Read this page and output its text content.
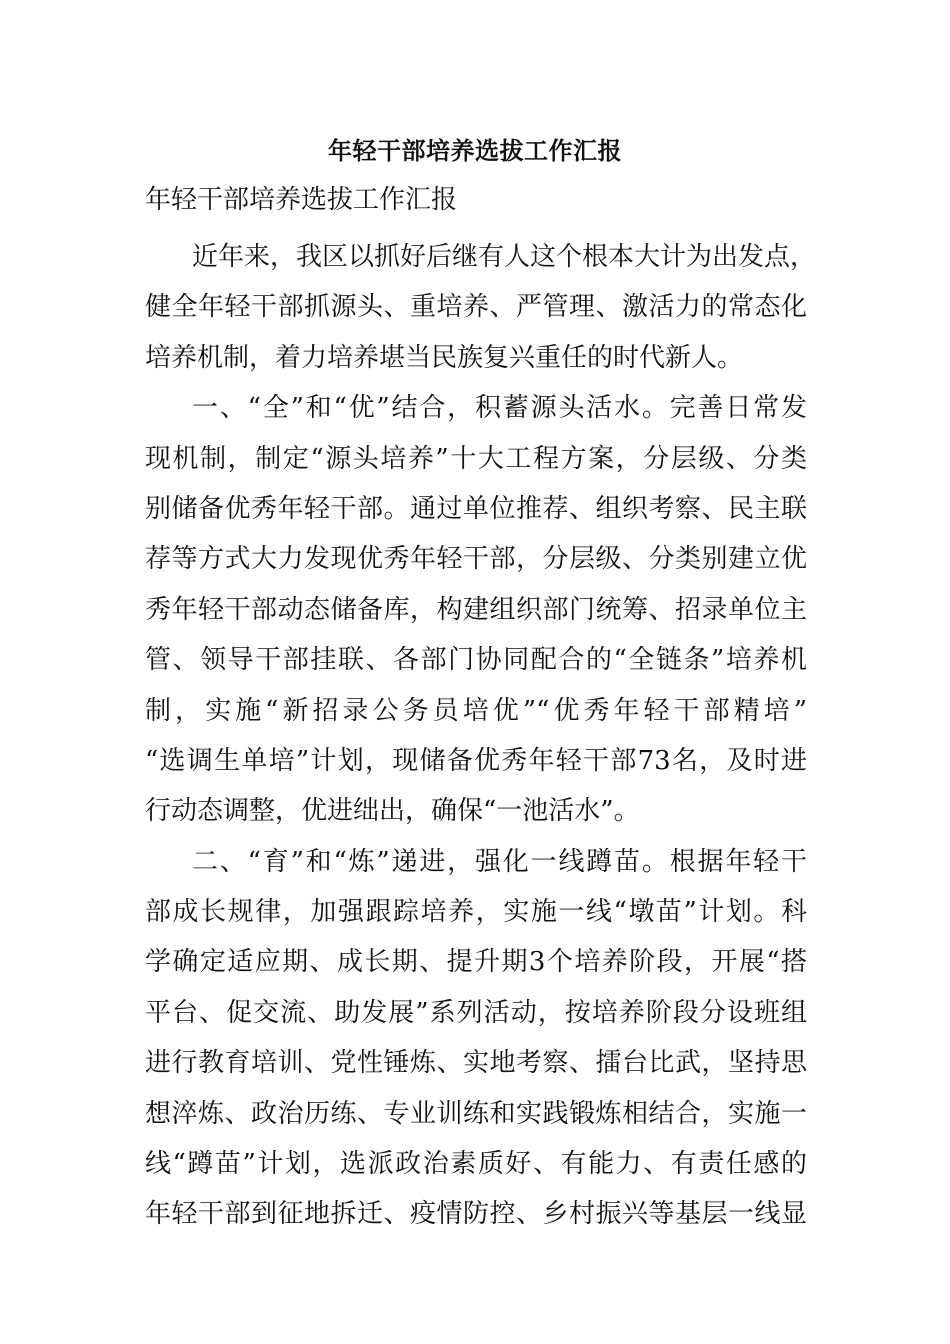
年轻干部培养选拔工作汇报
年轻干部培养选拔工作汇报

近年来，我区以抓好后继有人这个根本大计为出发点，
健全年轻干部抓源头、重培养、严管理、激活力的常态化
培养机制，着力培养堪当民族复兴重任的时代新人。

一、“全”和“优”结合，积蓄源头活水。完善日常发
现机制，制定“源头培养”十大工程方案，分层级、分类
别储备优秀年轻干部。通过单位推荐、组织考察、民主联
荐等方式大力发现优秀年轻干部，分层级、分类别建立优
秀年轻干部动态储备库，构建组织部门统筹、招录单位主
管、领导干部挂联、各部门协同配合的“全链条”培养机
制，实施“新招录公务员培优”“优秀年轻干部精培”
“选调生单培”计划，现储备优秀年轻干部73名，及时进
行动态调整，优进绌出，确保“一池活水”。

二、“育”和“炼”递进，强化一线蹲苗。根据年轻干
部成长规律，加强跟踪培养，实施一线“墩苗”计划。科
学确定适应期、成长期、提升期3个培养阶段，开展“搭
平台、促交流、助发展”系列活动，按培养阶段分设班组
进行教育培训、党性锤炼、实地考察、擂台比武，坚持思
想淬炼、政治历练、专业训练和实践锻炼相结合，实施一
线“蹲苗”计划，选派政治素质好、有能力、有责任感的
年轻干部到征地拆迁、疫情防控、乡村振兴等基层一线显
